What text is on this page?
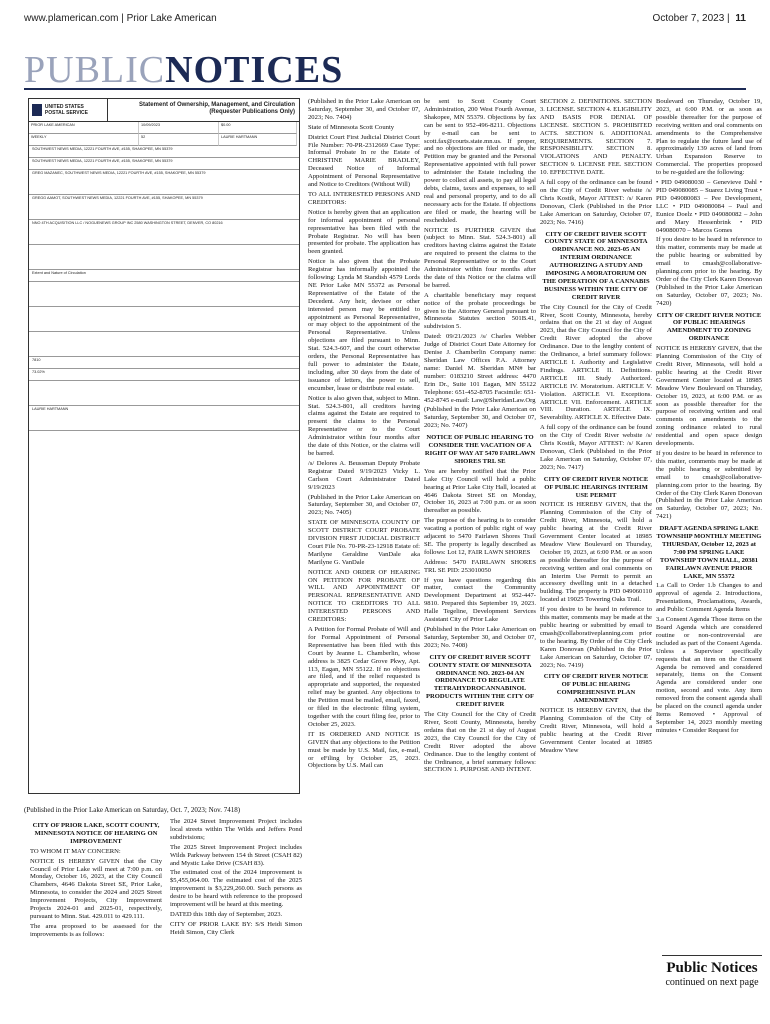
www.plamerican.com | Prior Lake American	October 7, 2023 | 11
PUBLICNOTICES
UNITED STATES POSTAL SERVICE
Statement of Ownership, Management, and Circulation (Requester Publications Only)
PRIOR LAKE AMERICAN	10/09/2023	$0.00
WEEKLY	52	LAURIE HARTMANN
SOUTHWEST NEWS MEDIA, 12221 FOURTH AVE, #155, SHAKOPEE, MN 55379
SOUTHWEST NEWS MEDIA, 12221 FOURTH AVE, #155, SHAKOPEE, MN 55379
GREG MAZANEC, SOUTHWEST NEWS MEDIA, 12221 FOURTH AVE, #155, SHAKOPEE, MN 55379
GREGG AAMOT, SOUTHWEST NEWS MEDIA, 12221 FOURTH AVE, #155, SHAKOPEE, MN 55379
NNO 4TH ACQUISITION LLC / NOGUENEWS GROUP INC 2580 WASHINGTON STREET, DENVER, CO 80216
Extent and Nature of Circulation
7810
73.02%
LAURIE HARTMANN
(Published in the Prior Lake American on Saturday, Oct. 7, 2023; Nov. 7418)

CITY OF PRIOR LAKE, SCOTT COUNTY, MINNESOTA NOTICE OF HEARING ON IMPROVEMENT

TO WHOM IT MAY CONCERN:

NOTICE IS HEREBY GIVEN that the City Council of Prior Lake will meet at 7:00 p.m. on Monday, October 16, 2023, at the City Council Chambers, 4646 Dakota Street SE, Prior Lake, Minnesota, to consider the 2024 and 2025 Street Improvement Projects, City Improvement Projects 2024-01 and 2025-01, respectively, pursuant to Minn. Stat. 429.011 to 429.111.

The area proposed to be assessed for the improvements is as follows:

The 2024 Street Improvement Project includes local streets within The Wilds and Jeffers Pond subdivisions;

The 2025 Street Improvement Project includes Wilds Parkway between 154 th Street (CSAH 82) and Mystic Lake Drive (CSAH 83).

The estimated cost of the 2024 improvement is $5,455,064.00. The estimated cost of the 2025 improvement is $3,229,260.00. Such persons as desire to be heard with reference to the proposed improvement will be heard at this meeting.

DATED this 18th day of September, 2023.

CITY OF PRIOR LAKE BY: S/S Heidi Simon Heidi Simon, City Clerk

(Published in the Prior Lake American on Saturday, September 30, and October 07, 2023; No. 7404)

State of Minnesota Scott County

District Court First Judicial District Court File Number: 70-PR-2312669 Case Type: Informal Probate In re the Estate of CHRISTINE MARIE BRADLEY, Deceased Notice of Informal Appointment of Personal Representative and Notice to Creditors (Without Will)

TO ALL INTERESTED PERSONS AND CREDITORS:

Notice is hereby given that an application for informal appointment of personal representative has been filed with the Probate Registrar. No will has been presented for probate. The application has been granted.

Notice is also given that the Probate Registrar has informally appointed the following: Lynda M Standish 4579 Lords NE Prior Lake MN 55372 as Personal Representative of the Estate of the Decedent. Any heir, devisee or other interested person may be entitled to appointment as Personal Representative, or may object to the appointment of the Personal Representative. Unless objections are filed pursuant to Minn. Stat. 524.3-607, and the court otherwise orders, the Personal Representative has full power to administer the Estate, including, after 30 days from the date of issuance of letters, the power to sell, encumber, lease or distribute real estate.

Notice is also given that, subject to Minn. Stat. 524.3-801, all creditors having claims against the Estate are required to present the claims to the Personal Representative or to the Court Administrator within four months after the date of this Notice, or the claims will be barred.

/s/ Delores A. Beussman Deputy Probate Registrar Dated 9/19/2023 Vicky L. Carlson Court Administrator Dated 9/19/2023

(Published in the Prior Lake American on Saturday, September 30, and October 07, 2023; No. 7405)

STATE OF MINNESOTA COUNTY OF SCOTT DISTRICT COURT PROBATE DIVISION FIRST JUDICIAL DISTRICT Court File No. 70-PR-23-12918 Estate of: Marilyne Geraldine VanDale aka Marilyne G. VanDale

NOTICE AND ORDER OF HEARING ON PETITION FOR PROBATE OF WILL AND APPOINTMENT OF PERSONAL REPRESENTATIVE AND NOTICE TO CREDITORS TO ALL INTERESTED PERSONS AND CREDITORS:

A Petition for Formal Probate of Will and for Formal Appointment of Personal Representative has been filed with this Court by Jeanne L. Chamberlin, whose address is 3825 Cedar Grove Pkwy, Apt. 113, Eagan, MN 55122. If no objections are filed, and if the relief requested is appropriate and supported, the requested relief may be granted. Any objections to the Petition must be mailed, email, faxed, or filed in the electronic filing system, together with the court filing fee, prior to October 25, 2023.

IT IS ORDERED AND NOTICE IS GIVEN that any objections to the Petition must be made by U.S. Mail, fax, e-mail, or eFiling by October 25, 2023. Objections by U.S. Mail can

be sent to Scott County Court Administration, 200 West Fourth Avenue, Shakopee, MN 55379. Objections by fax can be sent to 952-496-8211. Objections by e-mail can be sent to scott.fax@courts.state.mn.us. If proper, and no objections are filed or made, the Petition may be granted and the Personal Representative appointed with full power to administer the Estate including the power to collect all assets, to pay all legal debts, claims, taxes and expenses, to sell real and personal property, and to do all necessary acts for the Estate. If objections are filed or made, the hearing will be rescheduled.

NOTICE IS FURTHER GIVEN that (subject to Minn. Stat. 524.3-801) all creditors having claims against the Estate are required to present the claims to the Personal Representative or to the Court Administrator within four months after the date of this Notice or the claims will be barred.

A charitable beneficiary may request notice of the probate proceedings be given to the Attorney General pursuant to Minnesota Statutes section 501B.41, subdivision 5.

Dated: 09/21/2023 /s/ Charles Webber Judge of District Court Date Attorney for Denise J. Chamberlin Company name: Sheridan Law Offices P.A. Attorney name: Daniel M. Sheridan MN# bar number: 0183210 Street address: 4470 Erin Dr., Suite 101 Eagan, MN 55122 Telephone: 651-452-8705 Facsimile: 651-452-8745 e-mail: Law@SheridanLaw.Org

(Published in the Prior Lake American on Saturday, September 30, and October 07, 2023; No. 7407)

NOTICE OF PUBLIC HEARING TO CONSIDER THE VACATION OF A RIGHT OF WAY AT 5470 FAIRLAWN SHORES TRL SE

You are hereby notified that the Prior Lake City Council will hold a public hearing at Prior Lake City Hall, located at 4646 Dakota Street SE on Monday, October 16, 2023 at 7:00 p.m. or as soon thereafter as possible.

The purpose of the hearing is to consider vacating a portion of public right of way adjacent to 5470 Fairlawn Shores Trail SE. The property is legally described as follows: Lot 12, FAIR LAWN SHORES

Address: 5470 FAIRLAWN SHORES TRL SE PID: 253010050

If you have questions regarding this matter, contact the Community Development Department at 952-447-9810. Prepared this September 19, 2023. Halle Tegeline, Development Services Assistant City of Prior Lake

(Published in the Prior Lake American on Saturday, September 30, and October 07, 2023; No. 7408)

CITY OF CREDIT RIVER SCOTT COUNTY STATE OF MINNESOTA ORDINANCE NO. 2023-04 AN ORDINANCE TO REGULATE TETRAHYDROCANNABINOL PRODUCTS WITHIN THE CITY OF CREDIT RIVER

The City Council for the City of Credit River, Scott County, Minnesota, hereby ordains that on the 21 st day of August 2023, the City Council for the City of Credit River adopted the above Ordinance. Due to the lengthy content of the Ordinance, a brief summary follows: SECTION 1. PURPOSE AND INTENT.

SECTION 2. DEFINITIONS. SECTION 3. LICENSE. SECTION 4. ELIGIBILITY AND BASIS FOR DENIAL OF LICENSE. SECTION 5. PROHIBITED ACTS. SECTION 6. ADDITIONAL REQUIREMENTS. SECTION 7. RESPONSIBILITY. SECTION 8. VIOLATIONS AND PENALTY. SECTION 9. LICENSE FEE. SECTION 10. EFFECTIVE DATE.

A full copy of the ordinance can be found on the City of Credit River website /s/ Chris Kostik, Mayor ATTEST: /s/ Karen Donovan, Clerk (Published in the Prior Lake American on Saturday, October 07, 2023; No. 7416)

CITY OF CREDIT RIVER SCOTT COUNTY STATE OF MINNESOTA ORDINANCE NO. 2023-05 AN INTERIM ORDINANCE AUTHORIZING A STUDY AND IMPOSING A MORATORIUM ON THE OPERATION OF A CANNABIS BUSINESS WITHIN THE CITY OF CREDIT RIVER

The City Council for the City of Credit River, Scott County, Minnesota, hereby ordains that on the 21 st day of August 2023, that the City Council for the City of Credit River adopted the above Ordinance. Due to the lengthy content of the Ordinance, a brief summary follows: ARTICLE I. Authority and Legislative Findings. ARTICLE II. Definitions. ARTICLE III. Study Authorized. ARTICLE IV. Moratorium. ARTICLE V. Violation. ARTICLE VI. Exceptions. ARTICLE VII. Enforcement. ARTICLE VIII. Duration. ARTICLE IX. Severability. ARTICLE X. Effective Date.

A full copy of the ordinance can be found on the City of Credit River website /s/ Chris Kostik, Mayor ATTEST: /s/ Karen Donovan, Clerk (Published in the Prior Lake American on Saturday, October 07, 2023; No. 7417)

CITY OF CREDIT RIVER NOTICE OF PUBLIC HEARINGS INTERIM USE PERMIT

NOTICE IS HEREBY GIVEN, that the Planning Commission of the City of Credit River, Minnesota, will hold a public hearing at the Credit River Government Center located at 18985 Meadow View Boulevard on Thursday, October 19, 2023, at 6:00 P.M. or as soon as possible thereafter for the purpose of receiving written and oral comments on an Interim Use Permit to permit an accessory dwelling unit in a detached building. The property is PID 049060110 located at 19025 Towering Oaks Trail.

If you desire to be heard in reference to this matter, comments may be made at the public hearing or submitted by email to cmash@collaborativeplanning.com prior to the hearing. By Order of the City Clerk Karen Donovan (Published in the Prior Lake American on Saturday, October 07, 2023; No. 7419)

CITY OF CREDIT RIVER NOTICE OF PUBLIC HEARING COMPREHENSIVE PLAN AMENDMENT

NOTICE IS HEREBY GIVEN, that the Planning Commission of the City of Credit River, Minnesota, will hold a public hearing at the Credit River Government Center located at 18985 Meadow View

Boulevard on Thursday, October 19, 2023, at 6:00 P.M. or as soon as possible thereafter for the purpose of receiving written and oral comments on amendments to the Comprehensive Plan to regulate the future land use of approximately 139 acres of land from Urban Expansion Reserve to Commercial. The properties proposed to be re-guided are the following:

• PID 049080030 – Genevieve Dahl • PID 049080085 – Suarez Living Trust • PID 049080083 – Pee Development, LLC • PID 049080084 – Paul and Eunice Doelz • PID 049080082 – John and Mary Hessenbrink • PID 049080070 – Marcos Gomes

If you desire to be heard in reference to this matter, comments may be made at the public hearing or submitted by email to cmash@collaborative-planning.com prior to the hearing. By Order of the City Clerk Karen Donovan (Published in the Prior Lake American on Saturday, October 07, 2023; No. 7420)

CITY OF CREDIT RIVER NOTICE OF PUBLIC HEARINGS AMENDMENT TO ZONING ORDINANCE

NOTICE IS HEREBY GIVEN, that the Planning Commission of the City of Credit River, Minnesota, will hold a public hearing at the Credit River Government Center located at 18985 Meadow View Boulevard on Thursday, October 19, 2023, at 6:00 P.M. or as soon as possible thereafter for the purpose of receiving written and oral comments on amendments to the zoning ordinance related to rural residential and open space design developments.

If you desire to be heard in reference to this matter, comments may be made at the public hearing or submitted by email to cmash@collaborative-planning.com prior to the hearing. By Order of the City Clerk Karen Donovan (Published in the Prior Lake American on Saturday, October 07, 2023; No. 7421)

DRAFT AGENDA SPRING LAKE TOWNSHIP MONTHLY MEETING THURSDAY, October 12, 2023 at 7:00 PM SPRING LAKE TOWNSHIP TOWN HALL, 20381 FAIRLAWN AVENUE PRIOR LAKE, MN 55372

1.a Call to Order 1.b Changes to and approval of agenda 2. Introductions, Presentations, Proclamations, Awards, and Public Comment Agenda Items

3.a Consent Agenda Those items on the Board Agenda which are considered routine or non-controversial are included as part of the Consent Agenda. Unless a Supervisor specifically requests that an item on the Consent Agenda be removed and considered separately, items on the Consent Agenda are considered under one motion, second and vote. Any item removed from the consent agenda shall be placed on the council agenda under Items Removed • Approval of September 14, 2023 monthly meeting minutes • Consider Request for

Public Notices
continued on next page
